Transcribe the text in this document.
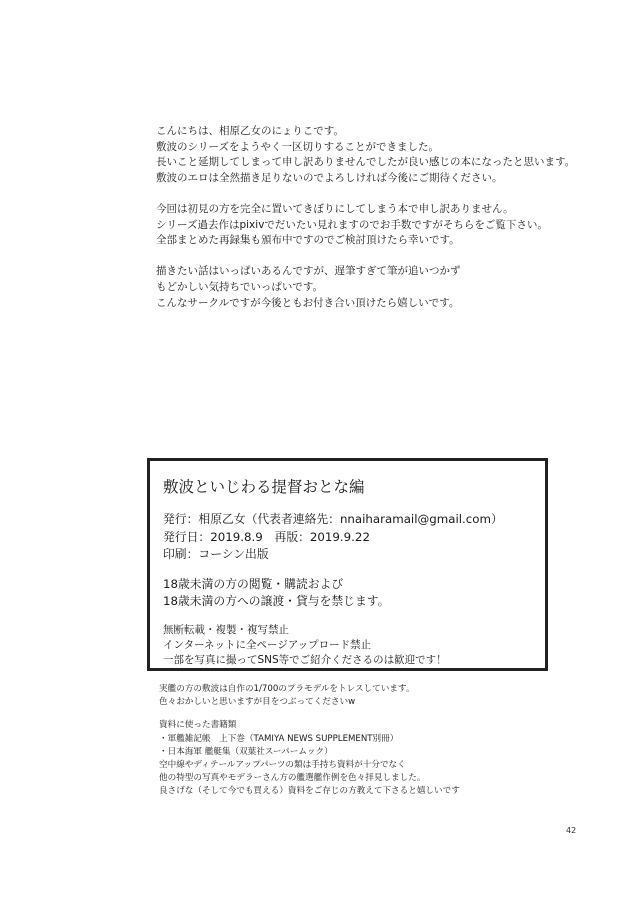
こんにちは、相原乙女のにょりこです。
敷波のシリーズをようやく一区切りすることができました。
長いこと延期してしまって申し訳ありませんでしたが良い感じの本になったと思います。
敷波のエロは全然描き足りないのでよろしければ今後にご期待ください。

今回は初見の方を完全に置いてきぼりにしてしまう本で申し訳ありません。
シリーズ過去作はpixivでだいたい見れますのでお手数ですがそちらをご覧下さい。
全部まとめた再録集も頒布中ですのでご検討頂けたら幸いです。

描きたい話はいっぱいあるんですが、遅筆すぎて筆が追いつかず
もどかしい気持ちでいっぱいです。
こんなサークルですが今後ともお付き合い頂けたら嬉しいです。

敷波といじわる提督おとな編
発行：相原乙女（代表者連絡先：nnaiharamail@gmail.com）
発行日：2019.8.9　再版：2019.9.22
印刷：コーシン出版
18歳未満の方の閲覧・購読および
18歳未満の方への譲渡・貸与を禁じます。
無断転載・複製・複写禁止
インターネットに全ページアップロード禁止
一部を写真に撮ってSNS等でご紹介くださるのは歓迎です！
実艦の方の敷波は自作の1/700のプラモデルをトレスしています。
色々おかしいと思いますが目をつぶってくださいw
資料に使った書籍類
・軍艦雑記帳　上下巻（TAMIYA NEWS SUPPLEMENT別冊）
・日本海軍 艦艇集（双葉社スーパームック）
空中線やディテールアップパーツの類は手持ち資料が十分でなく
他の特型の写真やモデラーさん方の艦選艦作例を色々拝見しました。
良さげな（そして今でも買える）資料をご存じの方教えて下さると嬉しいです
42
